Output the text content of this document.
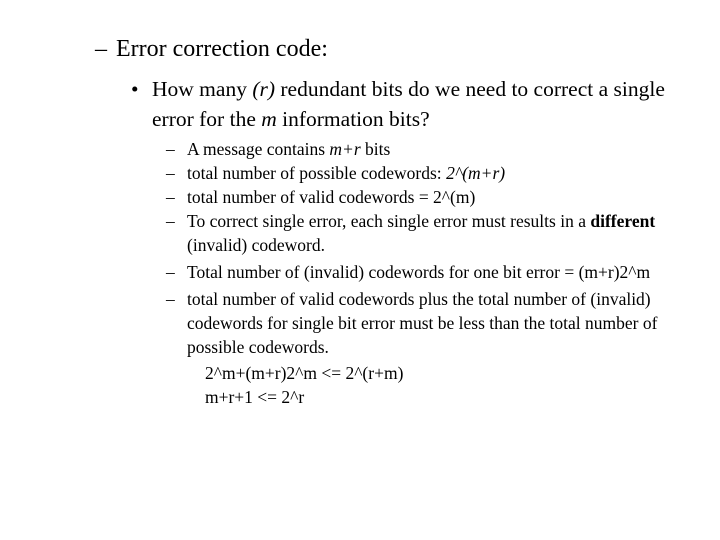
– Error correction code:
• How many (r) redundant bits do we need to correct a single error for the m information bits?
– A message contains m+r bits
– total number of possible codewords: 2^(m+r)
– total number of valid codewords = 2^(m)
– To correct single error, each single error must results in a different (invalid) codeword.
– Total number of (invalid) codewords for one bit error = (m+r)2^m
– total number of valid codewords plus the total number of (invalid) codewords for single bit error must be less than the total number of possible codewords.
2^m+(m+r)2^m <= 2^(r+m)
m+r+1 <= 2^r
